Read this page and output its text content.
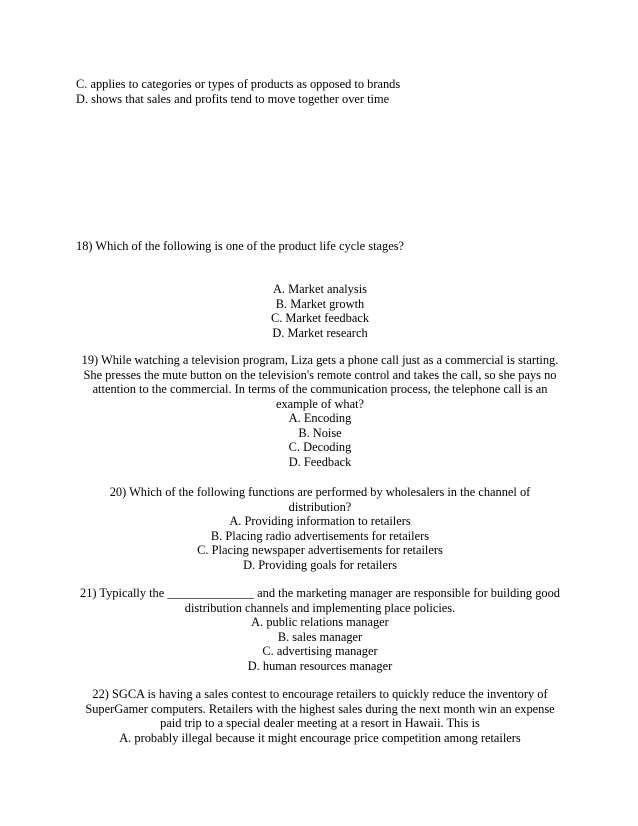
C. applies to categories or types of products as opposed to brands
D. shows that sales and profits tend to move together over time
18) Which of the following is one of the product life cycle stages?
A. Market analysis
B. Market growth
C. Market feedback
D. Market research
19) While watching a television program, Liza gets a phone call just as a commercial is starting.
She presses the mute button on the television's remote control and takes the call, so she pays no
attention to the commercial. In terms of the communication process, the telephone call is an
example of what?
A. Encoding
B. Noise
C. Decoding
D. Feedback
20) Which of the following functions are performed by wholesalers in the channel of
distribution?
A. Providing information to retailers
B. Placing radio advertisements for retailers
C. Placing newspaper advertisements for retailers
D. Providing goals for retailers
21) Typically the ______________ and the marketing manager are responsible for building good
distribution channels and implementing place policies.
A. public relations manager
B. sales manager
C. advertising manager
D. human resources manager
22) SGCA is having a sales contest to encourage retailers to quickly reduce the inventory of
SuperGamer computers. Retailers with the highest sales during the next month win an expense
paid trip to a special dealer meeting at a resort in Hawaii. This is
A. probably illegal because it might encourage price competition among retailers
